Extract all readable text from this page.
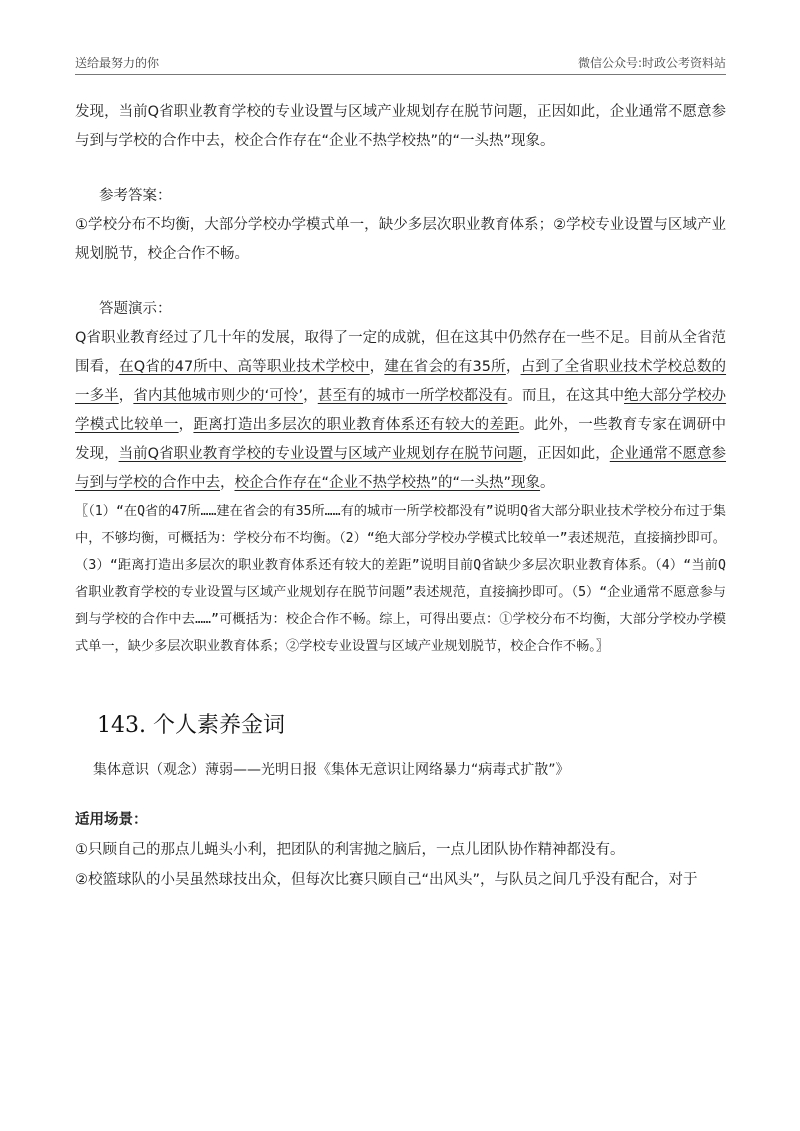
送给最努力的你	微信公众号:时政公考资料站

发现，当前Q省职业教育学校的专业设置与区域产业规划存在脱节问题，正因如此，企业通常不愿意参与到与学校的合作中去，校企合作存在“企业不热学校热”的“一头热”现象。

参考答案：

①学校分布不均衡，大部分学校办学模式单一，缺少多层次职业教育体系；②学校专业设置与区域产业规划脱节，校企合作不畅。

答题演示：

Q省职业教育经过了几十年的发展，取得了一定的成就，但在这其中仍然存在一些不足。目前从全省范围看，在Q省的47所中、高等职业技术学校中，建在省会的有35所，占到了全省职业技术学校总数的一多半，省内其他城市则少的‘可怜’，甚至有的城市一所学校都没有。而且，在这其中绝大部分学校办学模式比较单一，距离打造出多层次的职业教育体系还有较大的差距。此外，一些教育专家在调研中发现，当前Q省职业教育学校的专业设置与区域产业规划存在脱节问题，正因如此，企业通常不愿意参与到与学校的合作中去，校企合作存在“企业不热学校热”的“一头热”现象。

〖（1）“在Q省的47所……建在省会的有35所……有的城市一所学校都没有”说明Q省大部分职业技术学校分布过于集中，不够均衡，可概括为：学校分布不均衡。（2）“绝大部分学校办学模式比较单一”表述规范，直接摘抄即可。（3）“距离打造出多层次的职业教育体系还有较大的差距”说明目前Q省缺少多层次职业教育体系。（4）“当前Q省职业教育学校的专业设置与区域产业规划存在脱节问题”表述规范，直接摘抄即可。（5）“企业通常不愿意参与到与学校的合作中去……”可概括为：校企合作不畅。综上，可得出要点：①学校分布不均衡，大部分学校办学模式单一，缺少多层次职业教育体系；②学校专业设置与区域产业规划脱节，校企合作不畅。〗

143. 个人素养金词

集体意识（观念）薄弱——光明日报《集体无意识让网络暴力“病毒式扩散”》

适用场景：

①只顾自己的那点儿蝇头小利，把团队的利害抛之脑后，一点儿团队协作精神都没有。

②校篮球队的小吴虽然球技出众，但每次比赛只顾自己“出风头”，与队员之间几乎没有配合，对于
